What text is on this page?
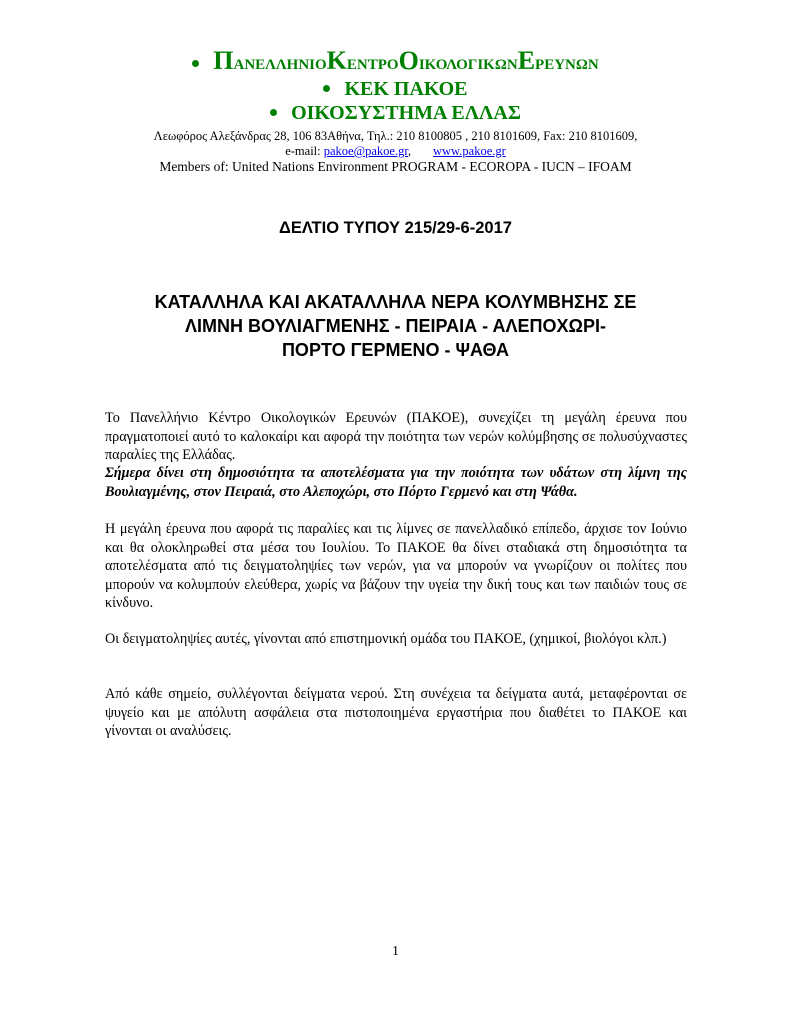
ΠΑΝΕΛΛΗΝΙΟΚΕΝΤΡΟΟΙΚΟΛΟΓΙΚΩΝΕΡΕΥΝΩΝ
ΚΕΚ ΠΑΚΟΕ
ΟΙΚΟΣΥΣΤΗΜΑ ΕΛΛΑΣ
Λεωφόρος Αλεξάνδρας 28, 106 83Αθήνα, Τηλ.: 210 8100805 , 210 8101609, Fax: 210 8101609,
e-mail: pakoe@pakoe.gr, www.pakoe.gr
Members of: United Nations Environment PROGRAM - ECOROPA - IUCN – IFOAM
ΔΕΛΤΙΟ ΤΥΠΟΥ 215/29-6-2017
ΚΑΤΑΛΛΗΛΑ ΚΑΙ ΑΚΑΤΑΛΛΗΛΑ ΝΕΡΑ ΚΟΛΥΜΒΗΣΗΣ ΣΕ
ΛΙΜΝΗ ΒΟΥΛΙΑΓΜΕΝΗΣ - ΠΕΙΡΑΙΑ - ΑΛΕΠΟΧΩΡΙ-
ΠΟΡΤΟ ΓΕΡΜΕΝΟ - ΨΑΘΑ
Το Πανελλήνιο Κέντρο Οικολογικών Ερευνών (ΠΑΚΟΕ), συνεχίζει τη μεγάλη έρευνα που πραγματοποιεί αυτό το καλοκαίρι και αφορά την ποιότητα των νερών κολύμβησης σε πολυσύχναστες παραλίες της Ελλάδας.
Σήμερα δίνει στη δημοσιότητα τα αποτελέσματα για την ποιότητα των υδάτων στη λίμνη της Βουλιαγμένης, στον Πειραιά, στο Αλεποχώρι, στο Πόρτο Γερμενό και στη Ψάθα.
Η μεγάλη έρευνα που αφορά τις παραλίες και τις λίμνες σε πανελλαδικό επίπεδο, άρχισε τον Ιούνιο και θα ολοκληρωθεί στα μέσα του Ιουλίου. Το ΠΑΚΟΕ θα δίνει σταδιακά στη δημοσιότητα τα αποτελέσματα από τις δειγματοληψίες των νερών, για να μπορούν να γνωρίζουν οι πολίτες που μπορούν να κολυμπούν ελεύθερα, χωρίς να βάζουν την υγεία την δική τους και των παιδιών τους σε κίνδυνο.
Οι δειγματοληψίες αυτές, γίνονται από επιστημονική ομάδα του ΠΑΚΟΕ, (χημικοί, βιολόγοι κλπ.)
Από κάθε σημείο, συλλέγονται δείγματα νερού. Στη συνέχεια τα δείγματα αυτά, μεταφέρονται σε ψυγείο και με απόλυτη ασφάλεια στα πιστοποιημένα εργαστήρια που διαθέτει το ΠΑΚΟΕ και γίνονται οι αναλύσεις.
1
